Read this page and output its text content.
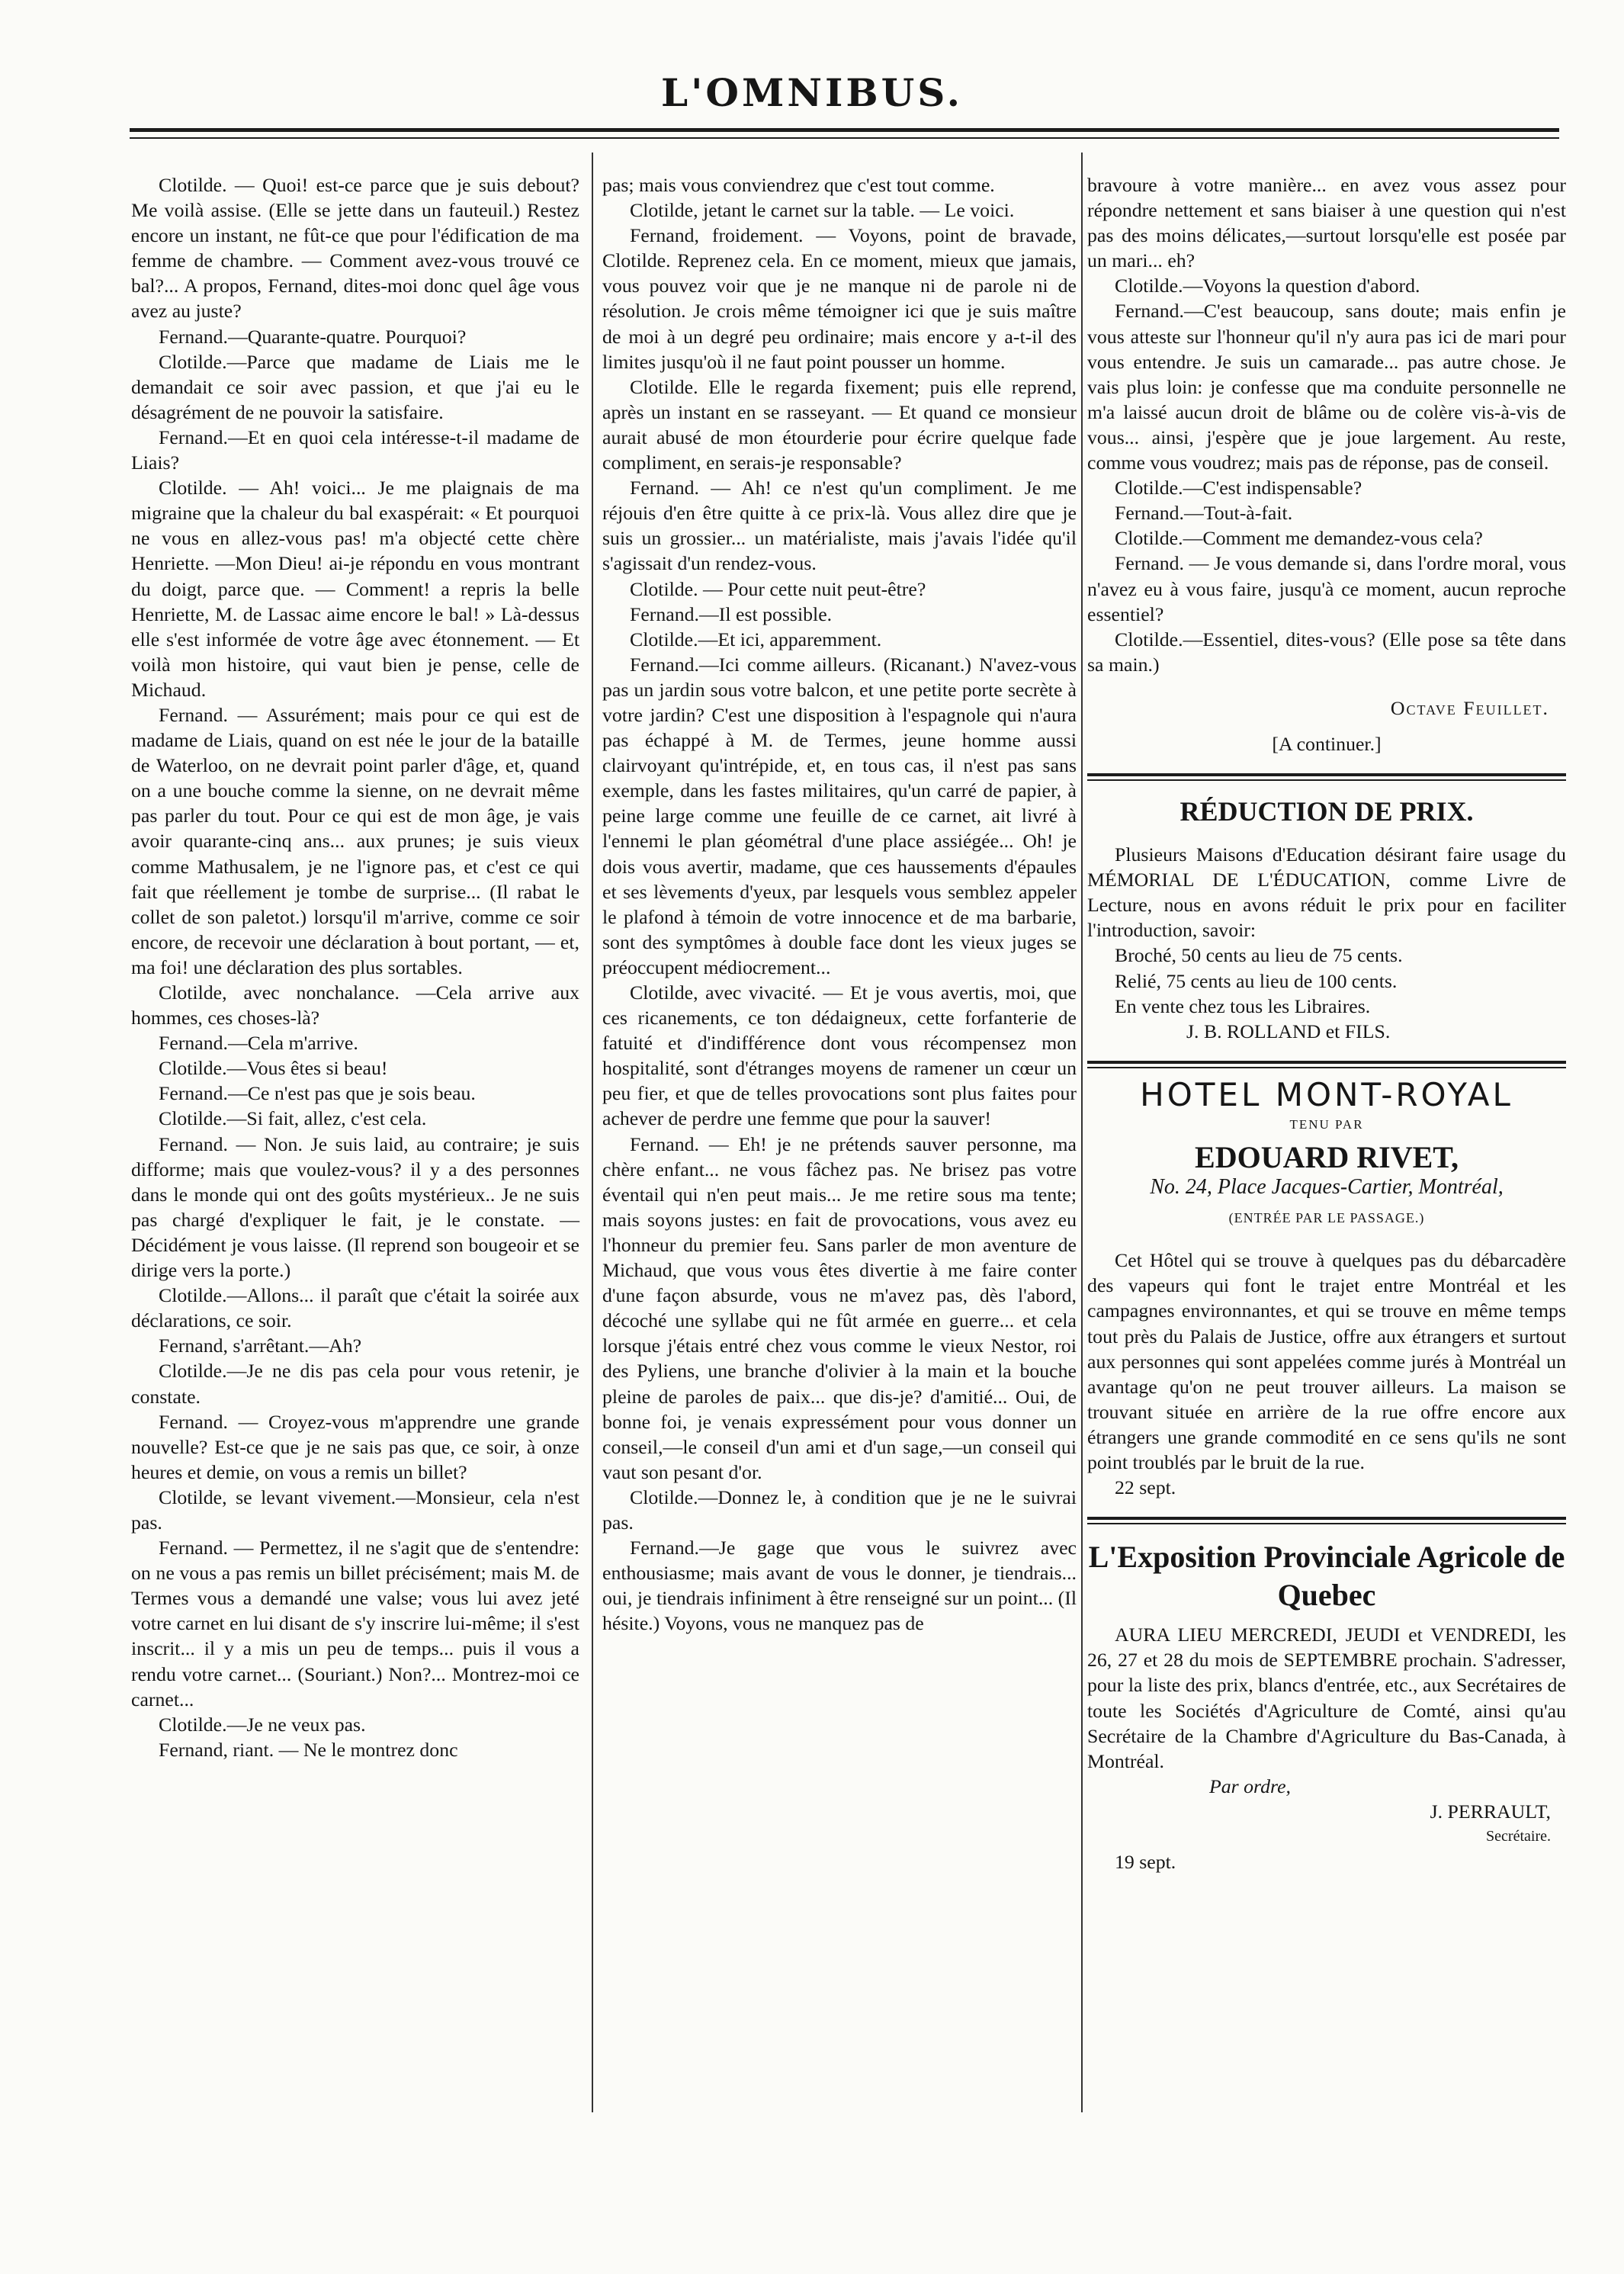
L'OMNIBUS.

Clotilde. — Quoi! est-ce parce que je suis debout? Me voilà assise. (Elle se jette dans un fauteuil.) Restez encore un instant, ne fût-ce que pour l'édification de ma femme de chambre. — Comment avez-vous trouvé ce bal?... A propos, Fernand, dites-moi donc quel âge vous avez au juste?

Fernand.—Quarante-quatre. Pourquoi?

Clotilde.—Parce que madame de Liais me le demandait ce soir avec passion, et que j'ai eu le désagrément de ne pouvoir la satisfaire.

Fernand.—Et en quoi cela intéresse-t-il madame de Liais?

Clotilde. — Ah! voici... Je me plaignais de ma migraine que la chaleur du bal exaspérait: « Et pourquoi ne vous en allez-vous pas! m'a objecté cette chère Henriette. —Mon Dieu! ai-je répondu en vous montrant du doigt, parce que. — Comment! a repris la belle Henriette, M. de Lassac aime encore le bal! » Là-dessus elle s'est informée de votre âge avec étonnement. — Et voilà mon histoire, qui vaut bien je pense, celle de Michaud.

Fernand. — Assurément; mais pour ce qui est de madame de Liais, quand on est née le jour de la bataille de Waterloo, on ne devrait point parler d'âge, et, quand on a une bouche comme la sienne, on ne devrait même pas parler du tout. Pour ce qui est de mon âge, je vais avoir quarante-cinq ans... aux prunes; je suis vieux comme Mathusalem, je ne l'ignore pas, et c'est ce qui fait que réellement je tombe de surprise... (Il rabat le collet de son paletot.) lorsqu'il m'arrive, comme ce soir encore, de recevoir une déclaration à bout portant, — et, ma foi! une déclaration des plus sortables.

Clotilde, avec nonchalance. —Cela arrive aux hommes, ces choses-là?

Fernand.—Cela m'arrive.

Clotilde.—Vous êtes si beau!

Fernand.—Ce n'est pas que je sois beau.

Clotilde.—Si fait, allez, c'est cela.

Fernand. — Non. Je suis laid, au contraire; je suis difforme; mais que voulez-vous? il y a des personnes dans le monde qui ont des goûts mystérieux.. Je ne suis pas chargé d'expliquer le fait, je le constate. — Décidément je vous laisse. (Il reprend son bougeoir et se dirige vers la porte.)

Clotilde.—Allons... il paraît que c'était la soirée aux déclarations, ce soir.

Fernand, s'arrêtant.—Ah?

Clotilde.—Je ne dis pas cela pour vous retenir, je constate.

Fernand. — Croyez-vous m'apprendre une grande nouvelle? Est-ce que je ne sais pas que, ce soir, à onze heures et demie, on vous a remis un billet?

Clotilde, se levant vivement.—Monsieur, cela n'est pas.

Fernand. — Permettez, il ne s'agit que de s'entendre: on ne vous a pas remis un billet précisément; mais M. de Termes vous a demandé une valse; vous lui avez jeté votre carnet en lui disant de s'y inscrire lui-même; il s'est inscrit... il y a mis un peu de temps... puis il vous a rendu votre carnet... (Souriant.) Non?... Montrez-moi ce carnet...

Clotilde.—Je ne veux pas.

Fernand, riant. — Ne le montrez donc

pas; mais vous conviendrez que c'est tout comme.

Clotilde, jetant le carnet sur la table. — Le voici.

Fernand, froidement. — Voyons, point de bravade, Clotilde. Reprenez cela. En ce moment, mieux que jamais, vous pouvez voir que je ne manque ni de parole ni de résolution. Je crois même témoigner ici que je suis maître de moi à un degré peu ordinaire; mais encore y a-t-il des limites jusqu'où il ne faut point pousser un homme.

Clotilde. Elle le regarda fixement; puis elle reprend, après un instant en se rasseyant. — Et quand ce monsieur aurait abusé de mon étourderie pour écrire quelque fade compliment, en serais-je responsable?

Fernand. — Ah! ce n'est qu'un compliment. Je me réjouis d'en être quitte à ce prix-là. Vous allez dire que je suis un grossier... un matérialiste, mais j'avais l'idée qu'il s'agissait d'un rendez-vous.

Clotilde. — Pour cette nuit peut-être?

Fernand.—Il est possible.

Clotilde.—Et ici, apparemment.

Fernand.—Ici comme ailleurs. (Ricanant.) N'avez-vous pas un jardin sous votre balcon, et une petite porte secrète à votre jardin? C'est une disposition à l'espagnole qui n'aura pas échappé à M. de Termes, jeune homme aussi clairvoyant qu'intrépide, et, en tous cas, il n'est pas sans exemple, dans les fastes militaires, qu'un carré de papier, à peine large comme une feuille de ce carnet, ait livré à l'ennemi le plan géométral d'une place assiégée... Oh! je dois vous avertir, madame, que ces haussements d'épaules et ses lèvements d'yeux, par lesquels vous semblez appeler le plafond à témoin de votre innocence et de ma barbarie, sont des symptômes à double face dont les vieux juges se préoccupent médiocrement...

Clotilde, avec vivacité. — Et je vous avertis, moi, que ces ricanements, ce ton dédaigneux, cette forfanterie de fatuité et d'indifférence dont vous récompensez mon hospitalité, sont d'étranges moyens de ramener un cœur un peu fier, et que de telles provocations sont plus faites pour achever de perdre une femme que pour la sauver!

Fernand. — Eh! je ne prétends sauver personne, ma chère enfant... ne vous fâchez pas. Ne brisez pas votre éventail qui n'en peut mais... Je me retire sous ma tente; mais soyons justes: en fait de provocations, vous avez eu l'honneur du premier feu. Sans parler de mon aventure de Michaud, que vous vous êtes divertie à me faire conter d'une façon absurde, vous ne m'avez pas, dès l'abord, décoché une syllabe qui ne fût armée en guerre... et cela lorsque j'étais entré chez vous comme le vieux Nestor, roi des Pyliens, une branche d'olivier à la main et la bouche pleine de paroles de paix... que dis-je? d'amitié... Oui, de bonne foi, je venais expressément pour vous donner un conseil,—le conseil d'un ami et d'un sage,—un conseil qui vaut son pesant d'or.

Clotilde.—Donnez le, à condition que je ne le suivrai pas.

Fernand.—Je gage que vous le suivrez avec enthousiasme; mais avant de vous le donner, je tiendrais... oui, je tiendrais infiniment à être renseigné sur un point... (Il hésite.) Voyons, vous ne manquez pas de

bravoure à votre manière... en avez vous assez pour répondre nettement et sans biaiser à une question qui n'est pas des moins délicates,—surtout lorsqu'elle est posée par un mari... eh?

Clotilde.—Voyons la question d'abord.

Fernand.—C'est beaucoup, sans doute; mais enfin je vous atteste sur l'honneur qu'il n'y aura pas ici de mari pour vous entendre. Je suis un camarade... pas autre chose. Je vais plus loin: je confesse que ma conduite personnelle ne m'a laissé aucun droit de blâme ou de colère vis-à-vis de vous... ainsi, j'espère que je joue largement. Au reste, comme vous voudrez; mais pas de réponse, pas de conseil.

Clotilde.—C'est indispensable?

Fernand.—Tout-à-fait.

Clotilde.—Comment me demandez-vous cela?

Fernand. — Je vous demande si, dans l'ordre moral, vous n'avez eu à vous faire, jusqu'à ce moment, aucun reproche essentiel?

Clotilde.—Essentiel, dites-vous? (Elle pose sa tête dans sa main.)

Octave Feuillet.
[A continuer.]
RÉDUCTION DE PRIX.

Plusieurs Maisons d'Education désirant faire usage du MÉMORIAL DE L'ÉDUCATION, comme Livre de Lecture, nous en avons réduit le prix pour en faciliter l'introduction, savoir:

Broché, 50 cents au lieu de 75 cents.

Relié, 75 cents au lieu de 100 cents.

En vente chez tous les Libraires.

J. B. ROLLAND et FILS.

HOTEL MONT-ROYAL
TENU PAR
EDOUARD RIVET,
No. 24, Place Jacques-Cartier, Montréal,
(ENTRÉE PAR LE PASSAGE.)

Cet Hôtel qui se trouve à quelques pas du débarcadère des vapeurs qui font le trajet entre Montréal et les campagnes environnantes, et qui se trouve en même temps tout près du Palais de Justice, offre aux étrangers et surtout aux personnes qui sont appelées comme jurés à Montréal un avantage qu'on ne peut trouver ailleurs. La maison se trouvant située en arrière de la rue offre encore aux étrangers une grande commodité en ce sens qu'ils ne sont point troublés par le bruit de la rue.

22 sept.

L'Exposition Provinciale Agricole de Quebec

AURA LIEU MERCREDI, JEUDI et VENDREDI, les 26, 27 et 28 du mois de SEPTEMBRE prochain. S'adresser, pour la liste des prix, blancs d'entrée, etc., aux Secrétaires de toute les Sociétés d'Agriculture de Comté, ainsi qu'au Secrétaire de la Chambre d'Agriculture du Bas-Canada, à Montréal.

Par ordre,

J. PERRAULT,

Secrétaire.

19 sept.
